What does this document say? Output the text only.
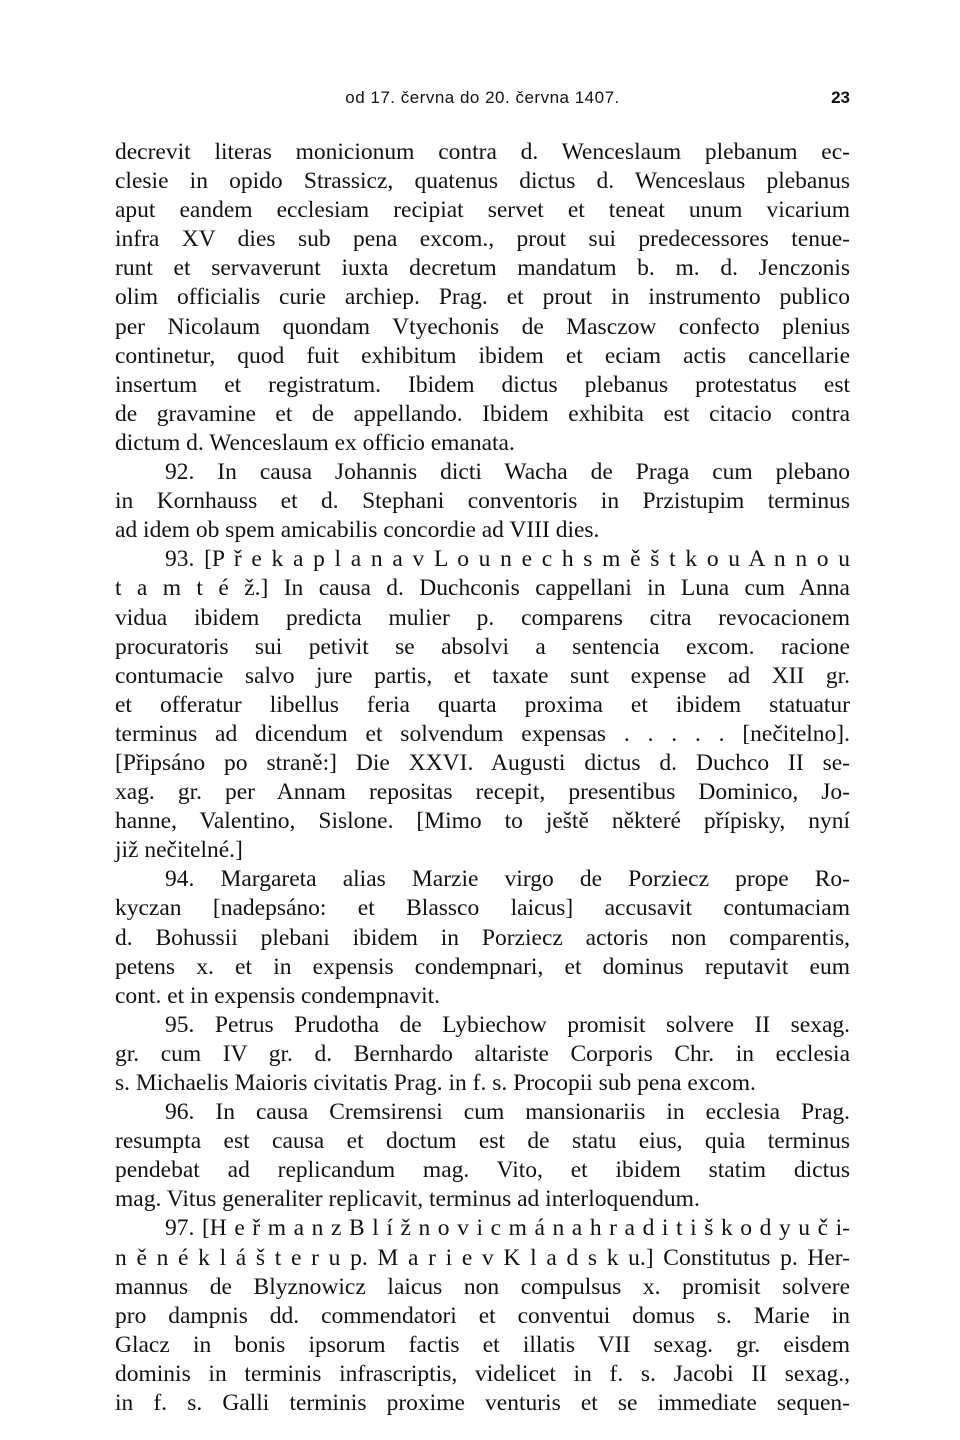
od 17. června do 20. června 1407.	23
decrevit literas monicionum contra d. Wenceslaum plebanum ec-
clesie in opido Strassicz, quatenus dictus d. Wenceslaus plebanus
aput eandem ecclesiam recipiat servet et teneat unum vicarium
infra XV dies sub pena excom., prout sui predecessores tenue-
runt et servaverunt iuxta decretum mandatum b. m. d. Jenczonis
olim officialis curie archiep. Prag. et prout in instrumento publico
per Nicolaum quondam Vtyechonis de Masczow confecto plenius
continetur, quod fuit exhibitum ibidem et eciam actis cancellarie
insertum et registratum. Ibidem dictus plebanus protestatus est
de gravamine et de appellando. Ibidem exhibita est citacio contra
dictum d. Wenceslaum ex officio emanata.
92. In causa Johannis dicti Wacha de Praga cum plebano
in Kornhauss et d. Stephani conventoris in Przistupim terminus
ad idem ob spem amicabilis concordie ad VIII dies.
93. [P ř e k a p l a n a v L o u n e c h s m ě š t k o u A n n o u
t a m t é ž.] In causa d. Duchconis cappellani in Luna cum Anna
vidua ibidem predicta mulier p. comparens citra revocacionem
procuratoris sui petivit se absolvi a sentencia excom. racione
contumacie salvo jure partis, et taxate sunt expense ad XII gr.
et offeratur libellus feria quarta proxima et ibidem statuatur
terminus ad dicendum et solvendum expensas . . . . . [nečitelno].
[Připsáno po straně:] Die XXVI. Augusti dictus d. Duchco II se-
xag. gr. per Annam repositas recepit, presentibus Dominico, Jo-
hanne, Valentino, Sislone. [Mimo to ještě některé přípisky, nyní
již nečitelné.]
94. Margareta alias Marzie virgo de Porziecz prope Ro-
kyczan [nadepsáno: et Blassco laicus] accusavit contumaciam
d. Bohussii plebani ibidem in Porziecz actoris non comparentis,
petens x. et in expensis condempnari, et dominus reputavit eum
cont. et in expensis condempnavit.
95. Petrus Prudotha de Lybiechow promisit solvere II sexag.
gr. cum IV gr. d. Bernhardo altariste Corporis Chr. in ecclesia
s. Michaelis Maioris civitatis Prag. in f. s. Procopii sub pena excom.
96. In causa Cremsirensi cum mansionariis in ecclesia Prag.
resumpta est causa et doctum est de statu eius, quia terminus
pendebat ad replicandum mag. Vito, et ibidem statim dictus
mag. Vitus generaliter replicavit, terminus ad interloquendum.
97. [H e ř m a n z B l í ž n o v i c m á n a h r a d i t i š k o d y u č i-
n ě n é k l á š t e r u p. M a r i e v K l a d s k u.] Constitutus p. Her-
mannus de Blyznowicz laicus non compulsus x. promisit solvere
pro dampnis dd. commendatori et conventui domus s. Marie in
Glacz in bonis ipsorum factis et illatis VII sexag. gr. eisdem
dominis in terminis infrascriptis, videlicet in f. s. Jacobi II sexag.,
in f. s. Galli terminis proxime venturis et se immediate sequen-
